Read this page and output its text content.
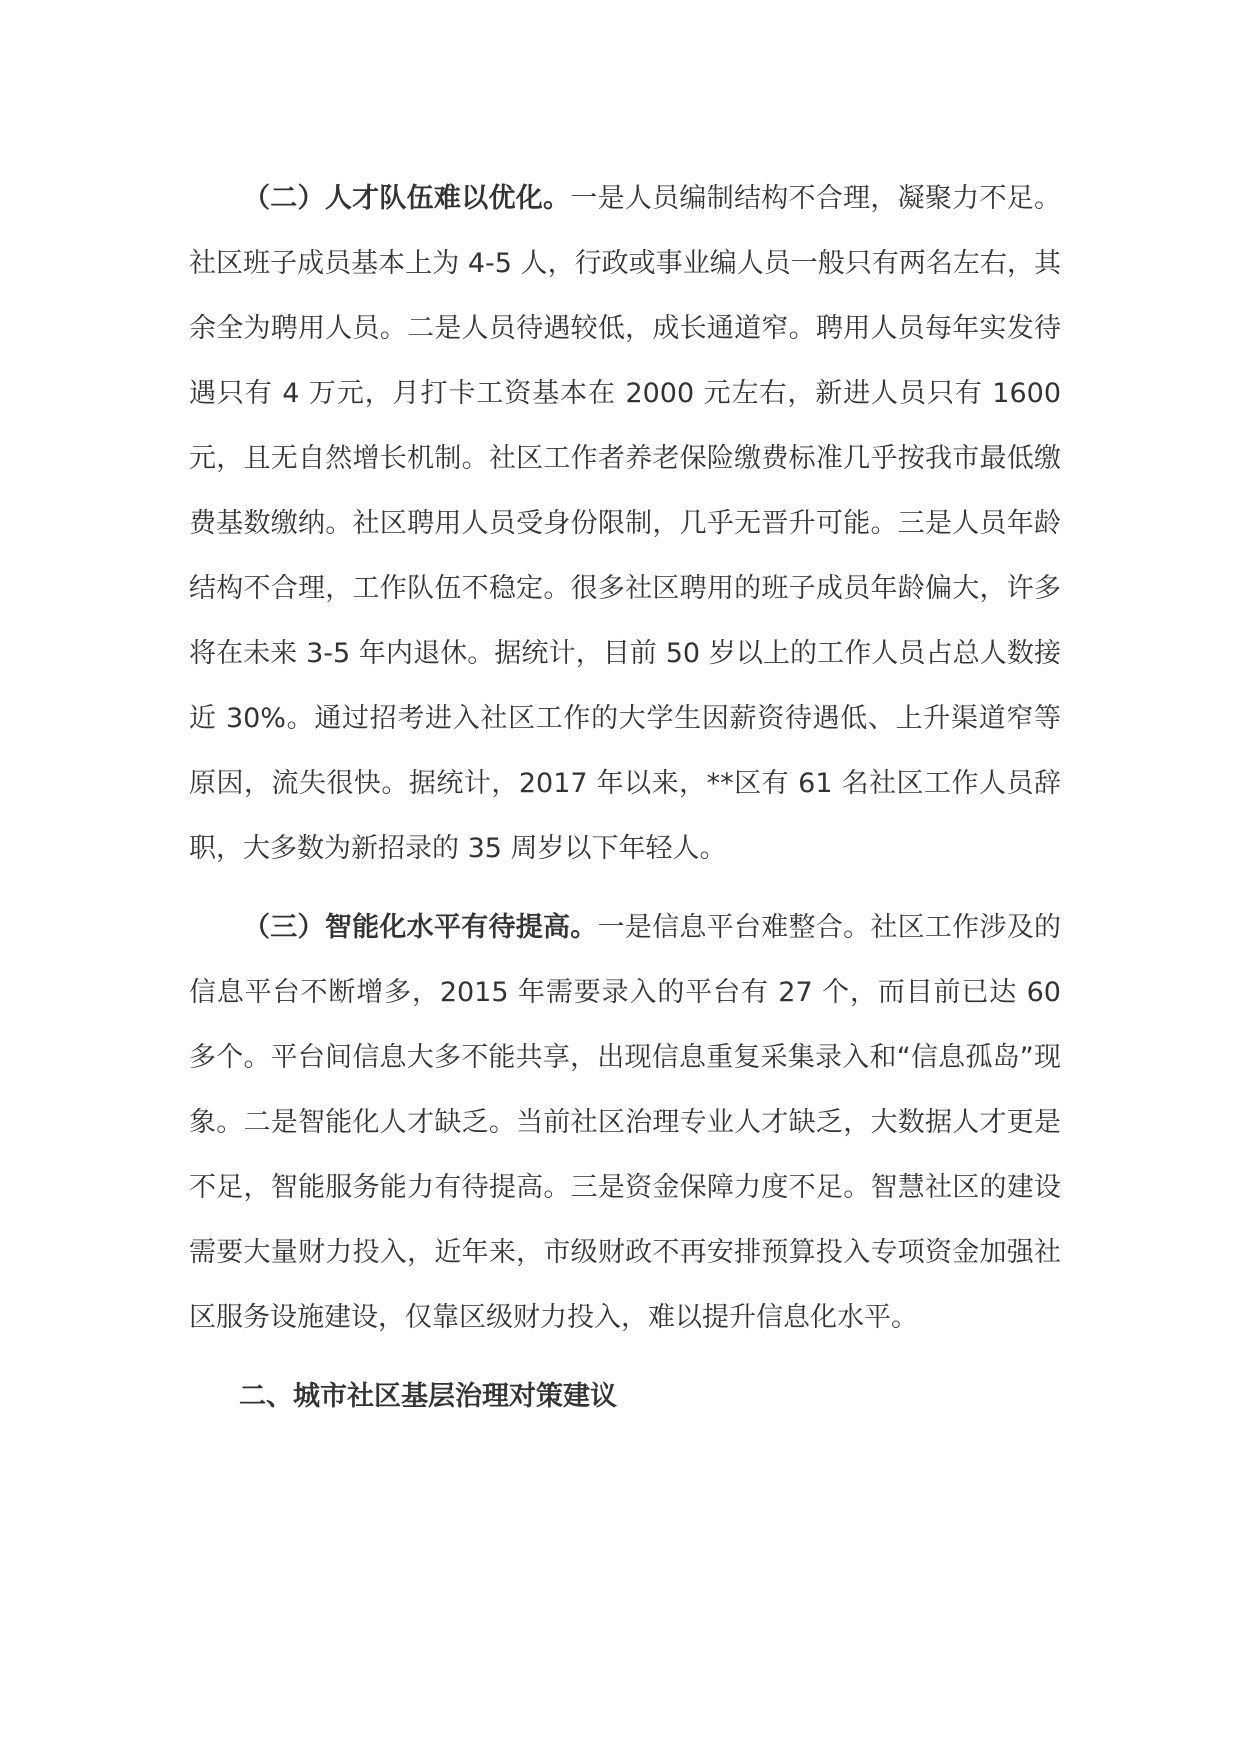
（二）人才队伍难以优化。一是人员编制结构不合理，凝聚力不足。社区班子成员基本上为 4-5 人，行政或事业编人员一般只有两名左右，其余全为聘用人员。二是人员待遇较低，成长通道窄。聘用人员每年实发待遇只有 4 万元，月打卡工资基本在 2000 元左右，新进人员只有 1600 元，且无自然增长机制。社区工作者养老保险缴费标准几乎按我市最低缴费基数缴纳。社区聘用人员受身份限制，几乎无晋升可能。三是人员年龄结构不合理，工作队伍不稳定。很多社区聘用的班子成员年龄偏大，许多将在未来 3-5 年内退休。据统计，目前 50 岁以上的工作人员占总人数接近 30%。通过招考进入社区工作的大学生因薪资待遇低、上升渠道窄等原因，流失很快。据统计，2017 年以来，**区有 61 名社区工作人员辞职，大多数为新招录的 35 周岁以下年轻人。

（三）智能化水平有待提高。一是信息平台难整合。社区工作涉及的信息平台不断增多，2015 年需要录入的平台有 27 个，而目前已达 60 多个。平台间信息大多不能共享，出现信息重复采集录入和“信息孤岛”现象。二是智能化人才缺乏。当前社区治理专业人才缺乏，大数据人才更是不足，智能服务能力有待提高。三是资金保障力度不足。智慧社区的建设需要大量财力投入，近年来，市级财政不再安排预算投入专项资金加强社区服务设施建设，仅靠区级财力投入，难以提升信息化水平。

二、城市社区基层治理对策建议
